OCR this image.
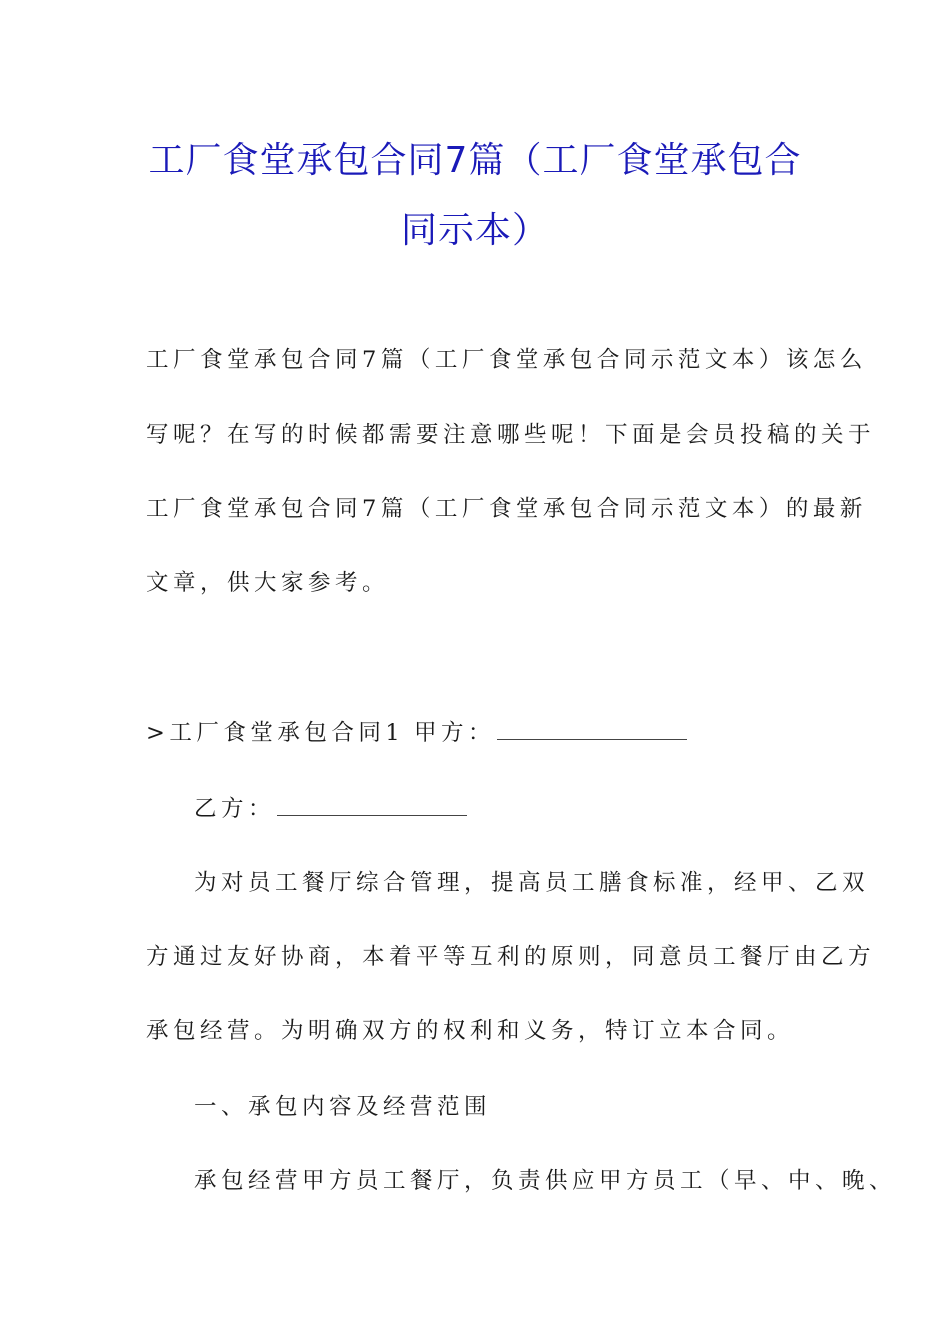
工厂食堂承包合同7篇（工厂食堂承包合
同示本）
工厂食堂承包合同7篇（工厂食堂承包合同示范文本）该怎么
写呢？在写的时候都需要注意哪些呢！下面是会员投稿的关于
工厂食堂承包合同7篇（工厂食堂承包合同示范文本）的最新
文章，供大家参考。
>工厂食堂承包合同1 甲方：
乙方：
为对员工餐厅综合管理，提高员工膳食标准，经甲、乙双
方通过友好协商，本着平等互利的原则，同意员工餐厅由乙方
承包经营。为明确双方的权利和义务，特订立本合同。
一、承包内容及经营范围
承包经营甲方员工餐厅，负责供应甲方员工（早、中、晚、
